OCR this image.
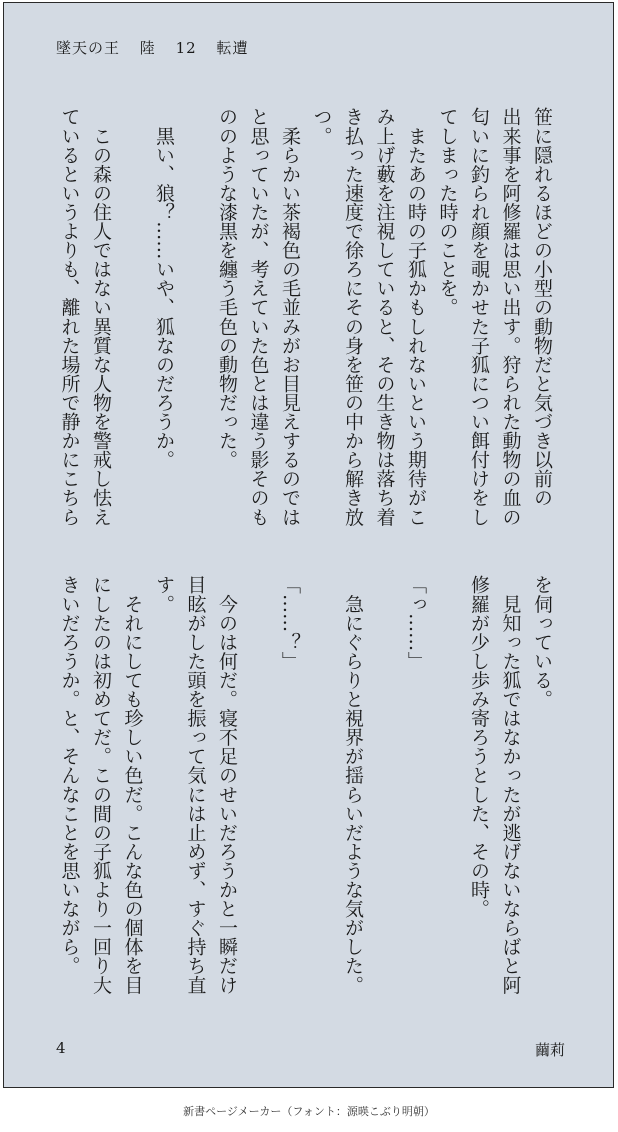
墜天の王 陸 12 転遭
笹に隠れるほどの小型の動物だと気づき以前の
出来事を阿修羅は思い出す。狩られた動物の血の
匂いに釣られ顔を覗かせた子狐につい餌付けをし
てしまった時のことを。
　またあの時の子狐かもしれないという期待がこ
み上げ藪を注視していると、その生き物は落ち着
き払った速度で徐ろにその身を笹の中から解き放
つ。
　柔らかい茶褐色の毛並みがお目見えするのでは
と思っていたが、考えていた色とは違う影そのも
ののような漆黒を纏う毛色の動物だった。

　黒い、狼？……いや、狐なのだろうか。

　この森の住人ではない異質な人物を警戒し怯え
ているというよりも、離れた場所で静かにこちら
を伺っている。
　見知った狐ではなかったが逃げないならばと阿
修羅が少し歩み寄ろうとした、その時。

「っ……」

　急にぐらりと視界が揺らいだような気がした。

「……？」

　今のは何だ。寝不足のせいだろうかと一瞬だけ
目眩がした頭を振って気には止めず、すぐ持ち直
す。
　それにしても珍しい色だ。こんな色の個体を目
にしたのは初めてだ。この間の子狐より一回り大
きいだろうか。と、そんなことを思いながら。
4	繭莉
新書ページメーカー（フォント：源暎こぶり明朝）
